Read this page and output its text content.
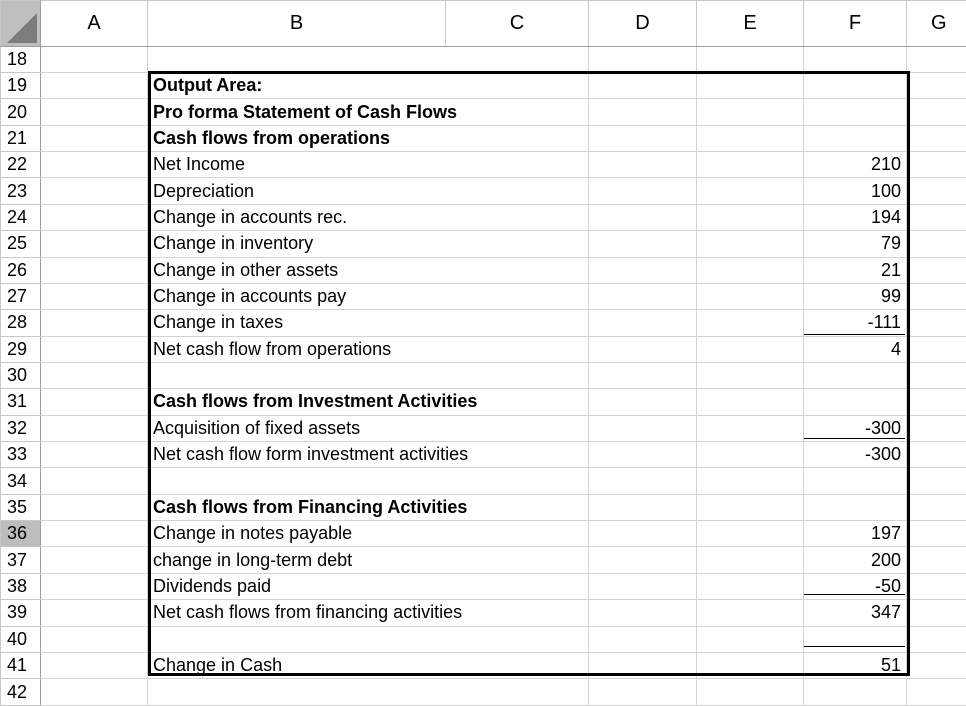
	A	B	C	D	E	F	G
18							
19		Output Area:					
20		Pro forma Statement of Cash Flows					
21		Cash flows from operations					
22		Net Income				210	
23		Depreciation				100	
24		Change in accounts rec.				194	
25		Change in inventory				79	
26		Change in other assets				21	
27		Change in accounts pay				99	
28		Change in taxes				-111	
29		Net cash flow from operations				4	
30							
31		Cash flows from Investment Activities					
32		Acquisition of fixed assets				-300	
33		Net cash flow form investment activities				-300	
34							
35		Cash flows from Financing Activities					
36		Change in notes payable				197	
37		change in long-term debt				200	
38		Dividends paid				-50	
39		Net cash flows from financing activities				347	
40							
41		Change in Cash				51	
42							
